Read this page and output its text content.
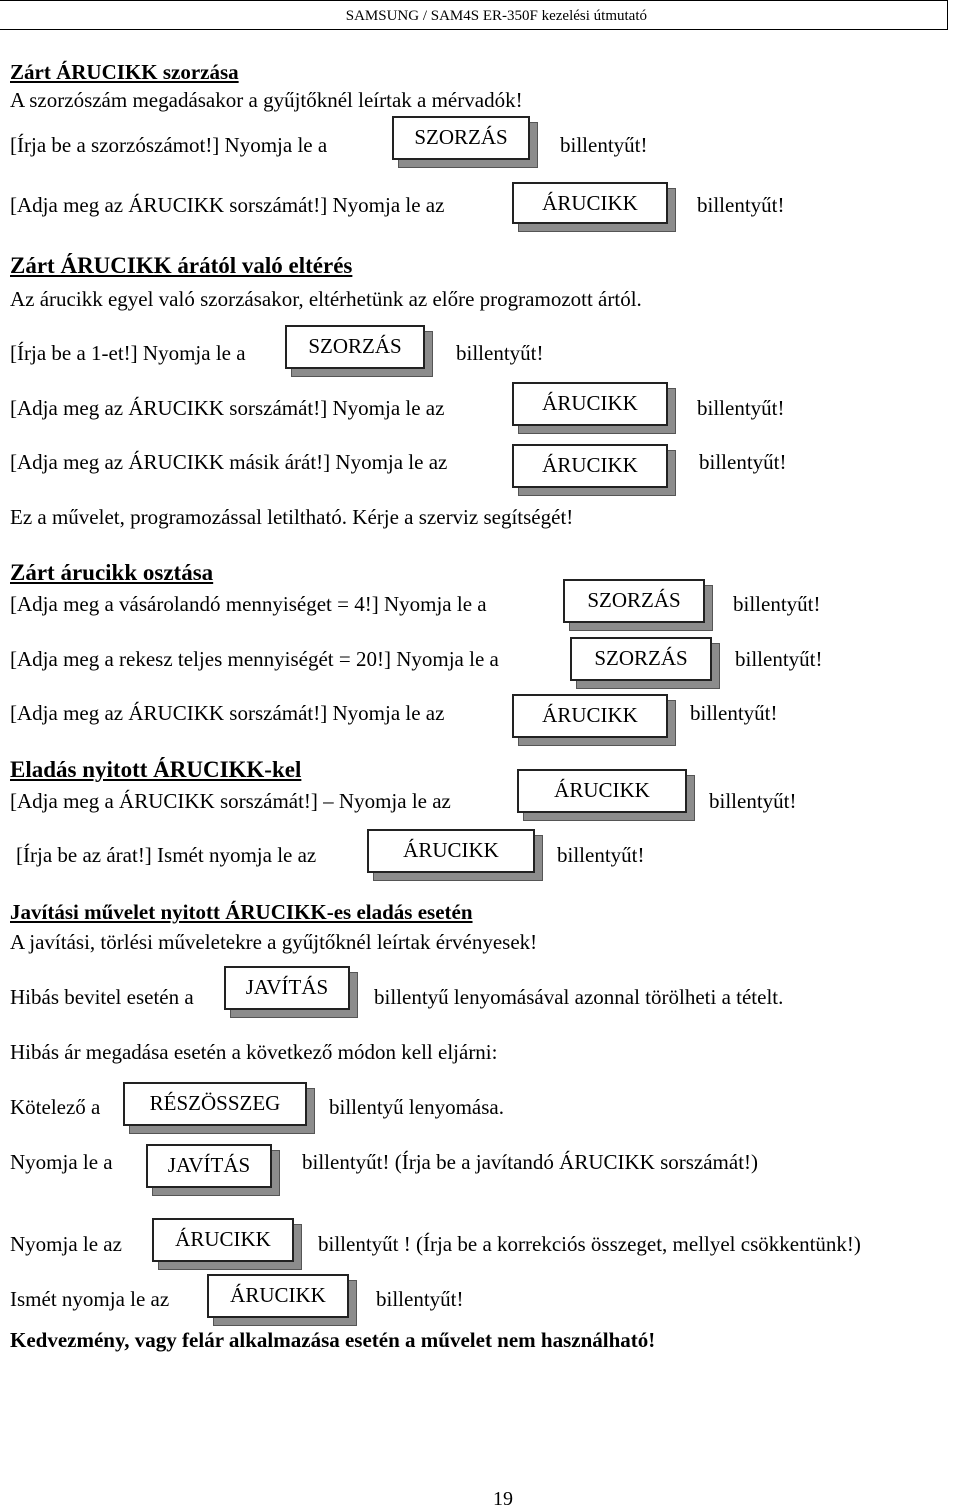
SAMSUNG / SAM4S ER-350F kezelési útmutató
Zárt ÁRUCIKK szorzása
A szorzószám megadásakor a gyűjtőknél leírtak a mérvadók!
[Írja be a szorzószámot!] Nyomja le a	SZORZÁS	billentyűt!
[Adja meg az ÁRUCIKK sorszámát!] Nyomja le az	ÁRUCIKK	billentyűt!
Zárt ÁRUCIKK árától való eltérés
Az árucikk egyel való szorzásakor, eltérhetünk az előre programozott ártól.
[Írja be a 1-et!] Nyomja le a	SZORZÁS	billentyűt!
[Adja meg az ÁRUCIKK sorszámát!] Nyomja le az	ÁRUCIKK	billentyűt!
[Adja meg az ÁRUCIKK másik árát!] Nyomja le az	ÁRUCIKK	billentyűt!
Ez a művelet, programozással letiltható. Kérje a szerviz segítségét!
Zárt árucikk osztása
[Adja meg a vásárolandó mennyiséget = 4!] Nyomja le a	SZORZÁS	billentyűt!
[Adja meg a rekesz teljes mennyiségét = 20!] Nyomja le a	SZORZÁS	billentyűt!
[Adja meg az ÁRUCIKK sorszámát!] Nyomja le az	ÁRUCIKK	billentyűt!
Eladás nyitott ÁRUCIKK-kel
[Adja meg a ÁRUCIKK sorszámát!] – Nyomja le az	ÁRUCIKK	billentyűt!
[Írja be az árat!] Ismét nyomja le az	ÁRUCIKK	billentyűt!
Javítási művelet nyitott ÁRUCIKK-es eladás esetén
A javítási, törlési műveletekre a gyűjtőknél leírtak érvényesek!
Hibás bevitel esetén a	JAVÍTÁS	billentyű lenyomásával azonnal törölheti a tételt.
Hibás ár megadása esetén a következő módon kell eljárni:
Kötelező a	RÉSZÖSSZEG	billentyű lenyomása.
Nyomja le a	JAVÍTÁS	billentyűt! (Írja be a javítandó ÁRUCIKK sorszámát!)
Nyomja le az	ÁRUCIKK	billentyűt ! (Írja be a korrekciós összeget, mellyel csökkentünk!)
Ismét nyomja le az	ÁRUCIKK	billentyűt!
Kedvezmény, vagy felár alkalmazása esetén a művelet nem használható!
19
